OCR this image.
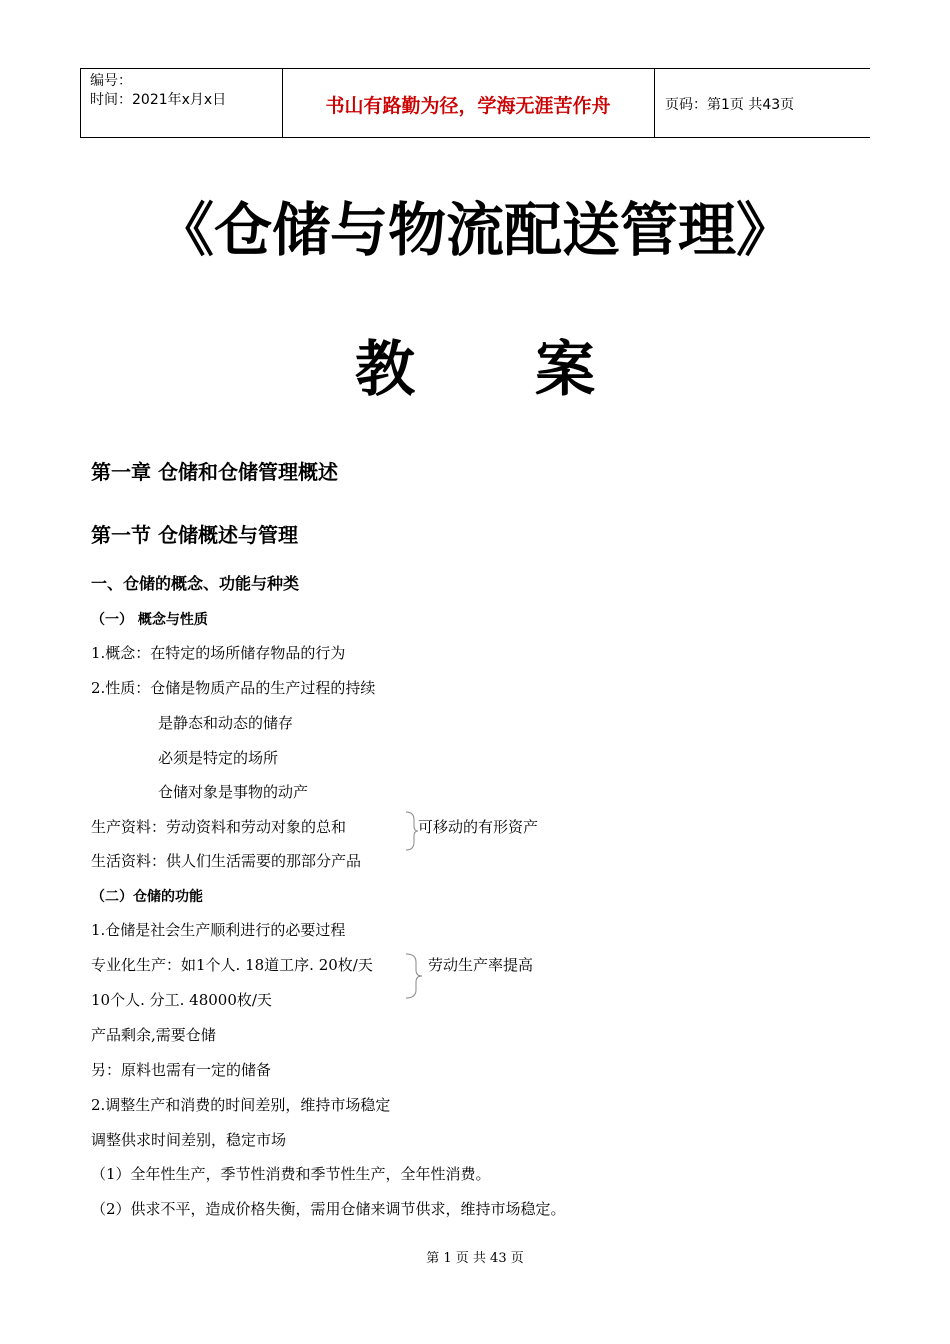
编号：
时间：2021年x月x日	书山有路勤为径，学海无涯苦作舟	页码：第1页 共43页
《仓储与物流配送管理》
教　　案
第一章 仓储和仓储管理概述
第一节 仓储概述与管理
一、仓储的概念、功能与种类
（一） 概念与性质
1.概念：在特定的场所储存物品的行为
2.性质：仓储是物质产品的生产过程的持续
是静态和动态的储存
必须是特定的场所
仓储对象是事物的动产
生产资料：劳动资料和劳动对象的总和	可移动的有形资产
生活资料：供人们生活需要的那部分产品
（二）仓储的功能
1.仓储是社会生产顺利进行的必要过程
专业化生产：如1个人. 18道工序. 20枚/天	劳动生产率提高
10个人. 分工. 48000枚/天
产品剩余,需要仓储
另：原料也需有一定的储备
2.调整生产和消费的时间差别，维持市场稳定
调整供求时间差别，稳定市场
（1）全年性生产，季节性消费和季节性生产，全年性消费。
（2）供求不平，造成价格失衡，需用仓储来调节供求，维持市场稳定。
第 1 页 共 43 页
